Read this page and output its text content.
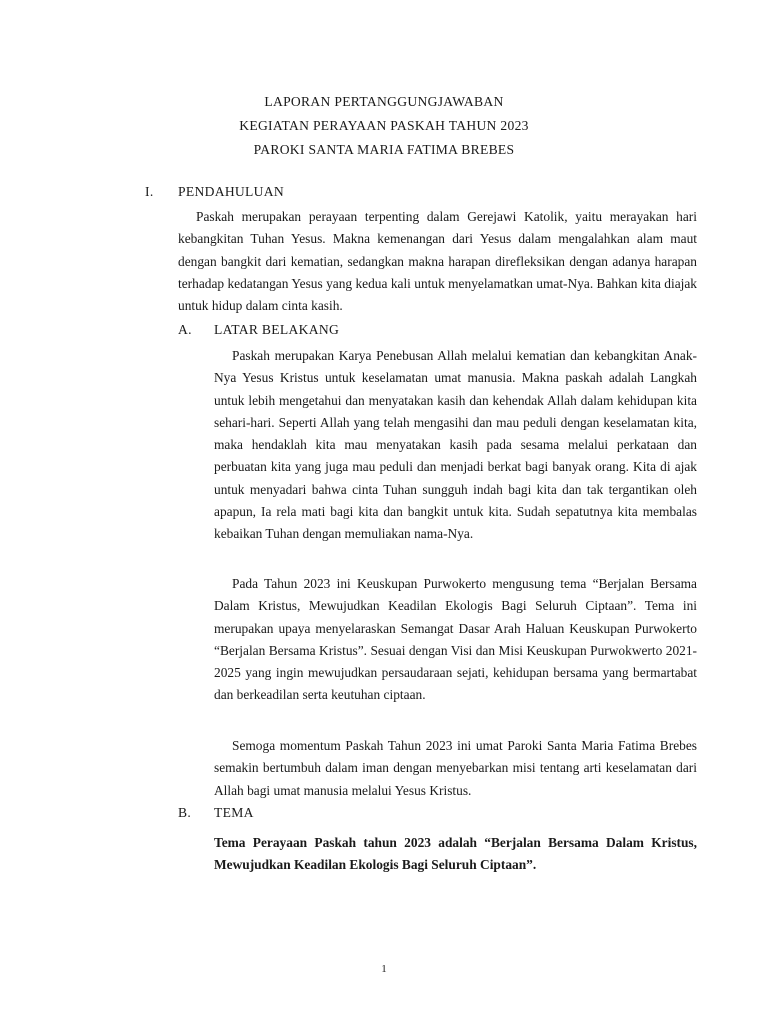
LAPORAN PERTANGGUNGJAWABAN
KEGIATAN PERAYAAN PASKAH TAHUN 2023
PAROKI SANTA MARIA FATIMA BREBES
I. PENDAHULUAN

Paskah merupakan perayaan terpenting dalam Gerejawi Katolik, yaitu merayakan hari kebangkitan Tuhan Yesus. Makna kemenangan dari Yesus dalam mengalahkan alam maut dengan bangkit dari kematian, sedangkan makna harapan direfleksikan dengan adanya harapan terhadap kedatangan Yesus yang kedua kali untuk menyelamatkan umat-Nya. Bahkan kita diajak untuk hidup dalam cinta kasih.

A. LATAR BELAKANG

Paskah merupakan Karya Penebusan Allah melalui kematian dan kebangkitan Anak-Nya Yesus Kristus untuk keselamatan umat manusia. Makna paskah adalah Langkah untuk lebih mengetahui dan menyatakan kasih dan kehendak Allah dalam kehidupan kita sehari-hari. Seperti Allah yang telah mengasihi dan mau peduli dengan keselamatan kita, maka hendaklah kita mau menyatakan kasih pada sesama melalui perkataan dan perbuatan kita yang juga mau peduli dan menjadi berkat bagi banyak orang. Kita di ajak untuk menyadari bahwa cinta Tuhan sungguh indah bagi kita dan tak tergantikan oleh apapun, Ia rela mati bagi kita dan bangkit untuk kita. Sudah sepatutnya kita membalas kebaikan Tuhan dengan memuliakan nama-Nya.

Pada Tahun 2023 ini Keuskupan Purwokerto mengusung tema “Berjalan Bersama Dalam Kristus, Mewujudkan Keadilan Ekologis Bagi Seluruh Ciptaan”. Tema ini merupakan upaya menyelaraskan Semangat Dasar Arah Haluan Keuskupan Purwokerto “Berjalan Bersama Kristus”. Sesuai dengan Visi dan Misi Keuskupan Purwokwerto 2021-2025 yang ingin mewujudkan persaudaraan sejati, kehidupan bersama yang bermartabat dan berkeadilan serta keutuhan ciptaan.

Semoga momentum Paskah Tahun 2023 ini umat Paroki Santa Maria Fatima Brebes semakin bertumbuh dalam iman dengan menyebarkan misi tentang arti keselamatan dari Allah bagi umat manusia melalui Yesus Kristus.

B. TEMA

Tema Perayaan Paskah tahun 2023 adalah “Berjalan Bersama Dalam Kristus, Mewujudkan Keadilan Ekologis Bagi Seluruh Ciptaan”.

1
